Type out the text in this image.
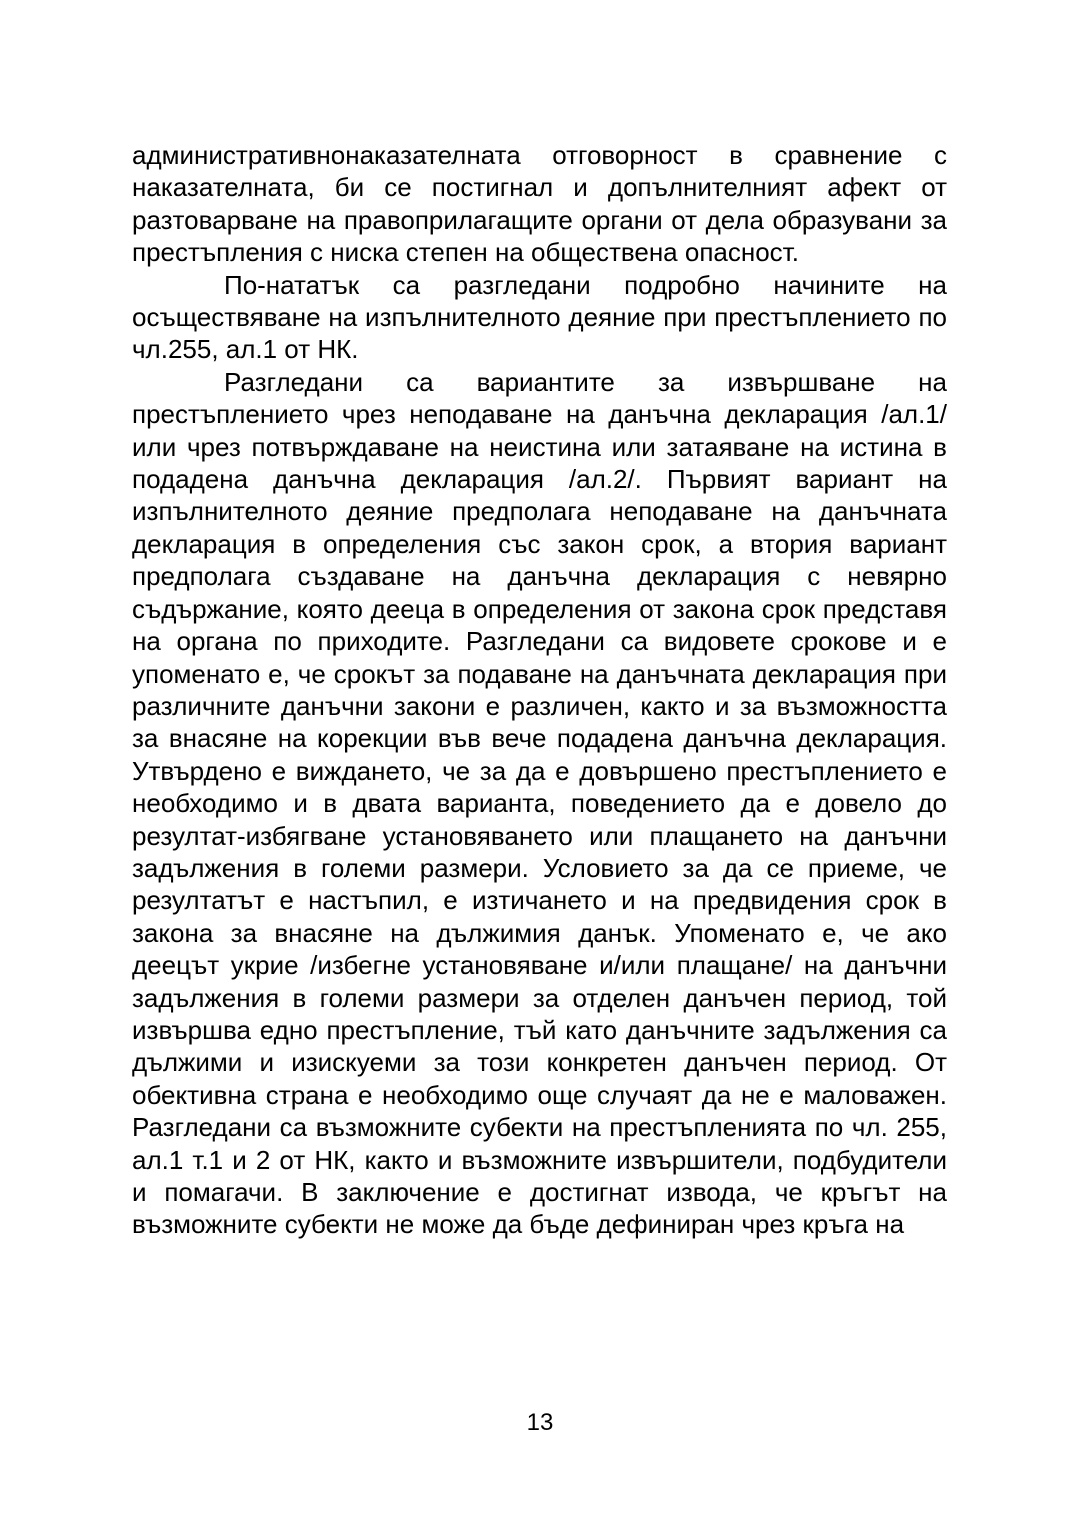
административнонаказателната отговорност в сравнение с наказателната, би се постигнал и допълнителният афект от разтоварване на правоприлагащите органи от дела образувани за престъпления с ниска степен на обществена опасност.

По-нататък са разгледани подробно начините на осъществяване на изпълнителното деяние при престъплението по чл.255, ал.1 от НК.

Разгледани са вариантите за извършване на престъплението чрез неподаване на данъчна декларация /ал.1/ или чрез потвърждаване на неистина или затаяване на истина в подадена данъчна декларация /ал.2/. Първият вариант на изпълнителното деяние предполага неподаване на данъчната декларация в определения със закон срок, а втория вариант предполага създаване на данъчна декларация с невярно съдържание, която деецa в определения от закона срок представя на органа по приходите. Разгледани са видовете срокове и е упоменато е, че срокът за подаване на данъчната декларация при различните данъчни закони е различен, както и за възможността за внасяне на корекции във вече подадена данъчна декларация. Утвърдено е виждането, че за да е довършено престъплението е необходимо и в двата варианта, поведението да е довело до резултат-избягване установяването или плащането на данъчни задължения в големи размери. Условието за да се приеме, че резултатът е настъпил, е изтичането и на предвидения срок в закона за внасяне на дължимия данък. Упоменато е, че ако деецът укрие /избегне установяване и/или плащане/ на данъчни задължения в големи размери за отделен данъчен период, той извършва едно престъпление, тъй като данъчните задължения са дължими и изискуеми за този конкретен данъчен период. От обективна страна е необходимо още случаят да не е маловажен. Разгледани са възможните субекти на престъпленията по чл. 255, ал.1 т.1 и 2 от НК, както и възможните извършители, подбудители и помагачи. В заключение е достигнат извода, че кръгът на възможните субекти не може да бъде дефиниран чрез кръга на

13
